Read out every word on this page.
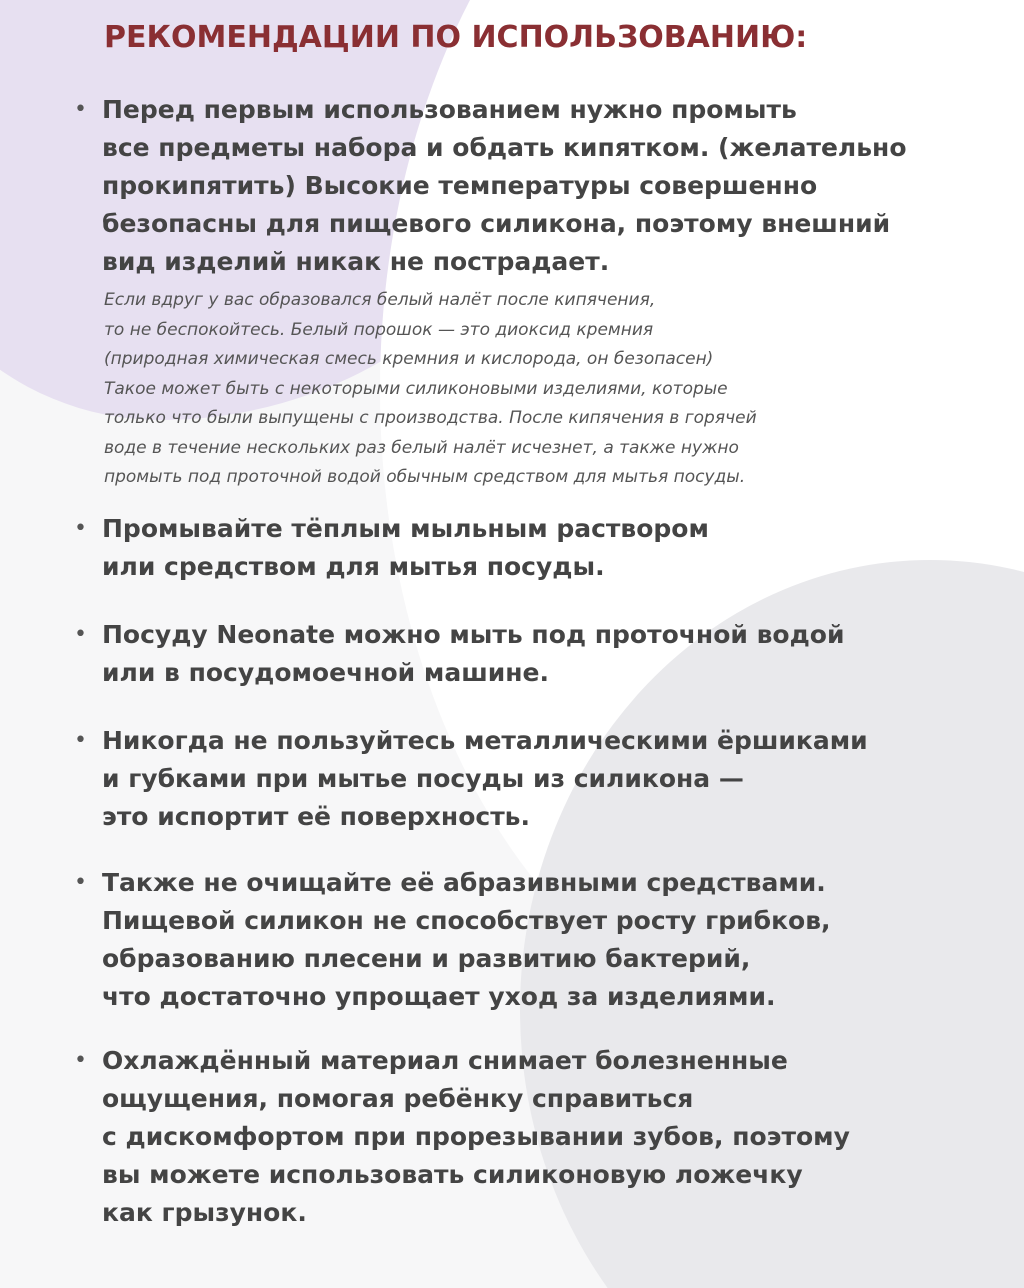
РЕКОМЕНДАЦИИ ПО ИСПОЛЬЗОВАНИЮ:
• Перед первым использованием нужно промыть
все предметы набора и обдать кипятком. (желательно
прокипятить) Высокие температуры совершенно
безопасны для пищевого силикона, поэтому внешний
вид изделий никак не пострадает.
Если вдруг у вас образовался белый налёт после кипячения,
то не беспокойтесь. Белый порошок — это диоксид кремния
(природная химическая смесь кремния и кислорода, он безопасен)
Такое может быть с некоторыми силиконовыми изделиями, которые
только что были выпущены с производства. После кипячения в горячей
воде в течение нескольких раз белый налёт исчезнет, а также нужно
промыть под проточной водой обычным средством для мытья посуды.
• Промывайте тёплым мыльным раствором
или средством для мытья посуды.
• Посуду Neonate можно мыть под проточной водой
или в посудомоечной машине.
• Никогда не пользуйтесь металлическими ёршиками
и губками при мытье посуды из силикона —
это испортит её поверхность.
• Также не очищайте её абразивными средствами.
Пищевой силикон не способствует росту грибков,
образованию плесени и развитию бактерий,
что достаточно упрощает уход за изделиями.
• Охлаждённый материал снимает болезненные
ощущения, помогая ребёнку справиться
с дискомфортом при прорезывании зубов, поэтому
вы можете использовать силиконовую ложечку
как грызунок.
